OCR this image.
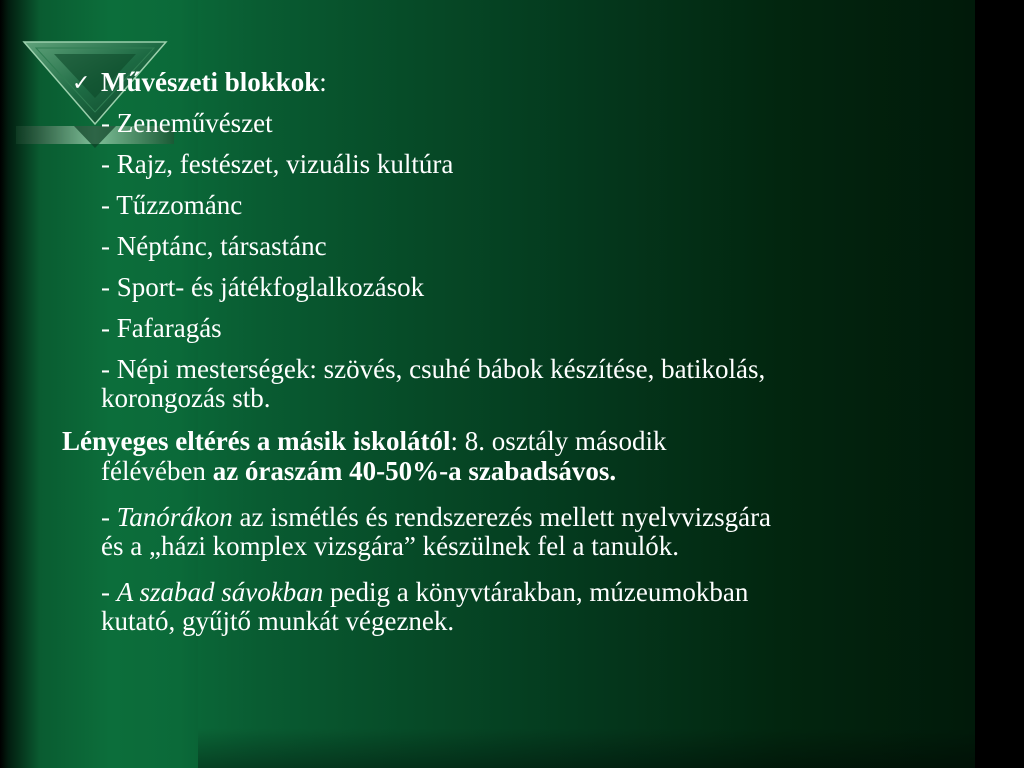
✓ Művészeti blokkok:
- Zeneművészet
- Rajz, festészet, vizuális kultúra
- Tűzzománc
- Néptánc, társastánc
- Sport- és játékfoglalkozások
- Fafaragás
- Népi mesterségek: szövés, csuhé bábok készítése, batikolás,
korongozás stb.
Lényeges eltérés a másik iskolától: 8. osztály második
félévében az óraszám 40-50%-a szabadsávos.
- Tanórákon az ismétlés és rendszerezés mellett nyelvvizsgára
és a „házi komplex vizsgára” készülnek fel a tanulók.
- A szabad sávokban pedig a könyvtárakban, múzeumokban
kutató, gyűjtő munkát végeznek.
